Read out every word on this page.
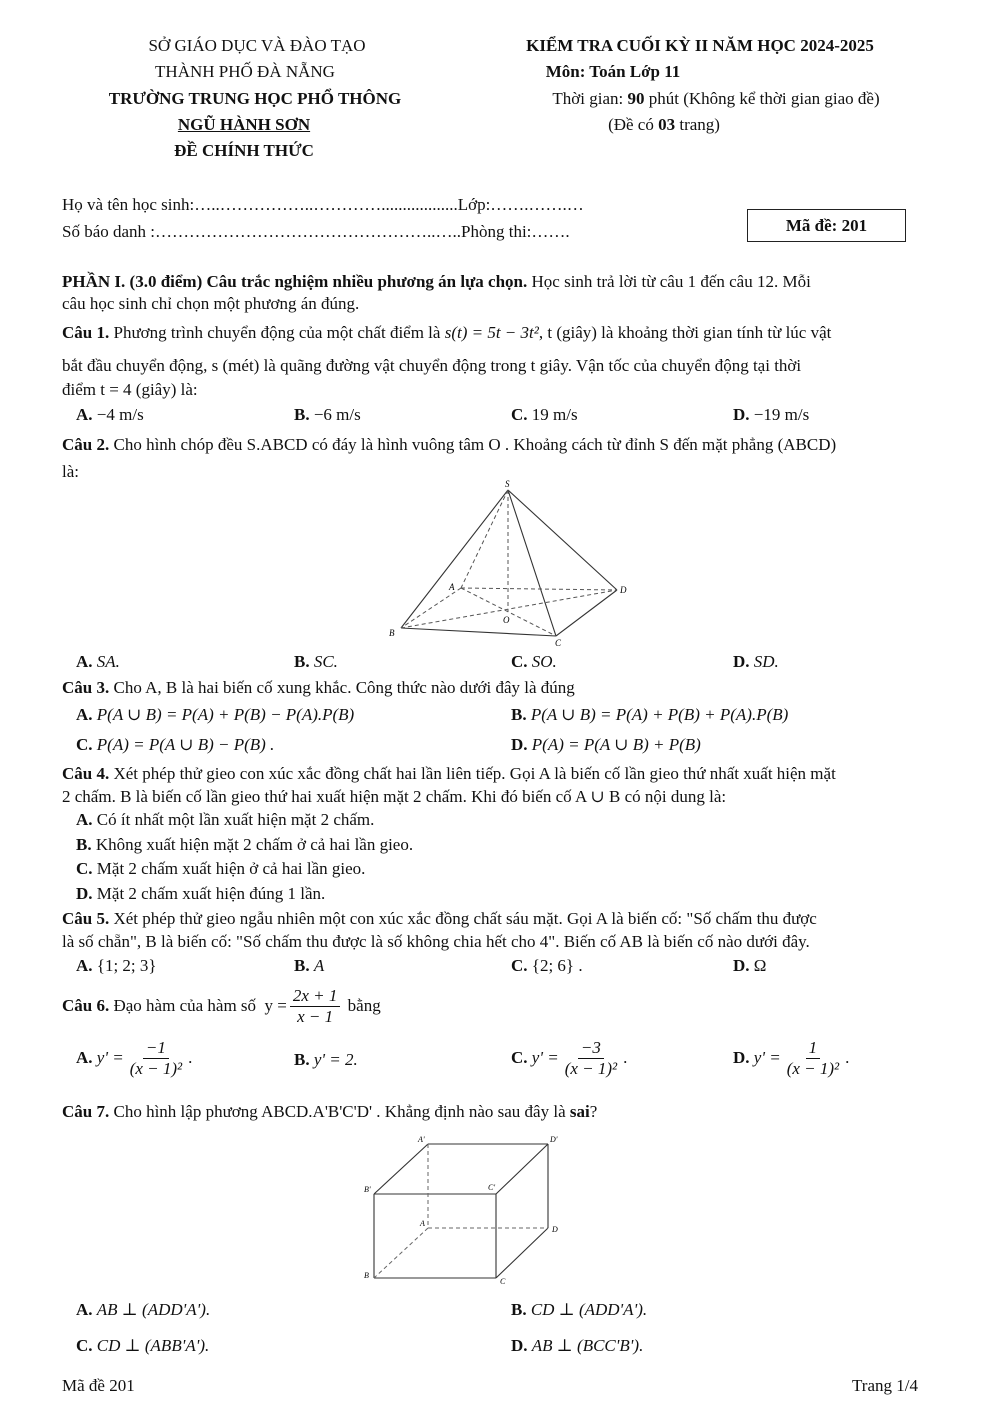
SỞ GIÁO DỤC VÀ ĐÀO TẠO
THÀNH PHỐ ĐÀ NẴNG
TRƯỜNG TRUNG HỌC PHỔ THÔNG
NGŨ HÀNH SƠN
ĐỀ CHÍNH THỨC
KIỂM TRA CUỐI KỲ II NĂM HỌC 2024-2025
Môn: Toán Lớp 11
Thời gian: 90 phút (Không kể thời gian giao đề)
(Đề có 03 trang)
Họ và tên học sinh:…..……………..…………..................Lớp:…….…….…
Số báo danh :…………………………………………..…..Phòng thi:…….	Mã đề: 201
PHẦN I. (3.0 điểm) Câu trắc nghiệm nhiều phương án lựa chọn. Học sinh trả lời từ câu 1 đến câu 12. Mỗi
câu học sinh chỉ chọn một phương án đúng.
Câu 1. Phương trình chuyển động của một chất điểm là s(t) = 5t − 3t², t (giây) là khoảng thời gian tính từ lúc vật
bắt đầu chuyển động, s (mét) là quãng đường vật chuyển động trong t giây. Vận tốc của chuyển động tại thời
điểm t = 4 (giây) là:
A. −4 m/s	B. −6 m/s	C. 19 m/s	D. −19 m/s
Câu 2. Cho hình chóp đều S.ABCD có đáy là hình vuông tâm O . Khoảng cách từ đỉnh S đến mặt phẳng (ABCD)
là:
S
A
B
C
D
O
A. SA.	B. SC.	C. SO.	D. SD.
Câu 3. Cho A, B là hai biến cố xung khắc. Công thức nào dưới đây là đúng
A. P(A ∪ B) = P(A) + P(B) − P(A).P(B)	B. P(A ∪ B) = P(A) + P(B) + P(A).P(B)
C. P(A) = P(A ∪ B) − P(B) .	D. P(A) = P(A ∪ B) + P(B)
Câu 4. Xét phép thử gieo con xúc xắc đồng chất hai lần liên tiếp. Gọi A là biến cố lần gieo thứ nhất xuất hiện mặt
2 chấm. B là biến cố lần gieo thứ hai xuất hiện mặt 2 chấm. Khi đó biến cố A ∪ B có nội dung là:
A. Có ít nhất một lần xuất hiện mặt 2 chấm.
B. Không xuất hiện mặt 2 chấm ở cả hai lần gieo.
C. Mặt 2 chấm xuất hiện ở cả hai lần gieo.
D. Mặt 2 chấm xuất hiện đúng 1 lần.
Câu 5. Xét phép thử gieo ngẫu nhiên một con xúc xắc đồng chất sáu mặt. Gọi A là biến cố: "Số chấm thu được
là số chẵn", B là biến cố: "Số chấm thu được là số không chia hết cho 4". Biến cố AB là biến cố nào dưới đây.
A. {1; 2; 3}	B. A	C. {2; 6} .	D. Ω
Câu 6. Đạo hàm của hàm số  $y = \frac{2x + 1}{x - 1}$ bằng
A.
$y' = \frac{-1}{\text{(x − 1)²}}$ .	B. y' = 2.	C.
$y' = \frac{-3}{\text{(x − 1)²}}$ .	D.
$y' = \frac{1}{\text{(x − 1)²}}$ .
Câu 7. Cho hình lập phương ABCD.A'B'C'D' . Khẳng định nào sau đây là sai?
A'	D'
B'	C'
A
D
B
C
A. AB ⊥ (ADD'A').	B. CD ⊥ (ADD'A').
C. CD ⊥ (ABB'A').	D. AB ⊥ (BCC'B').
Mã đề 201	Trang 1/4
